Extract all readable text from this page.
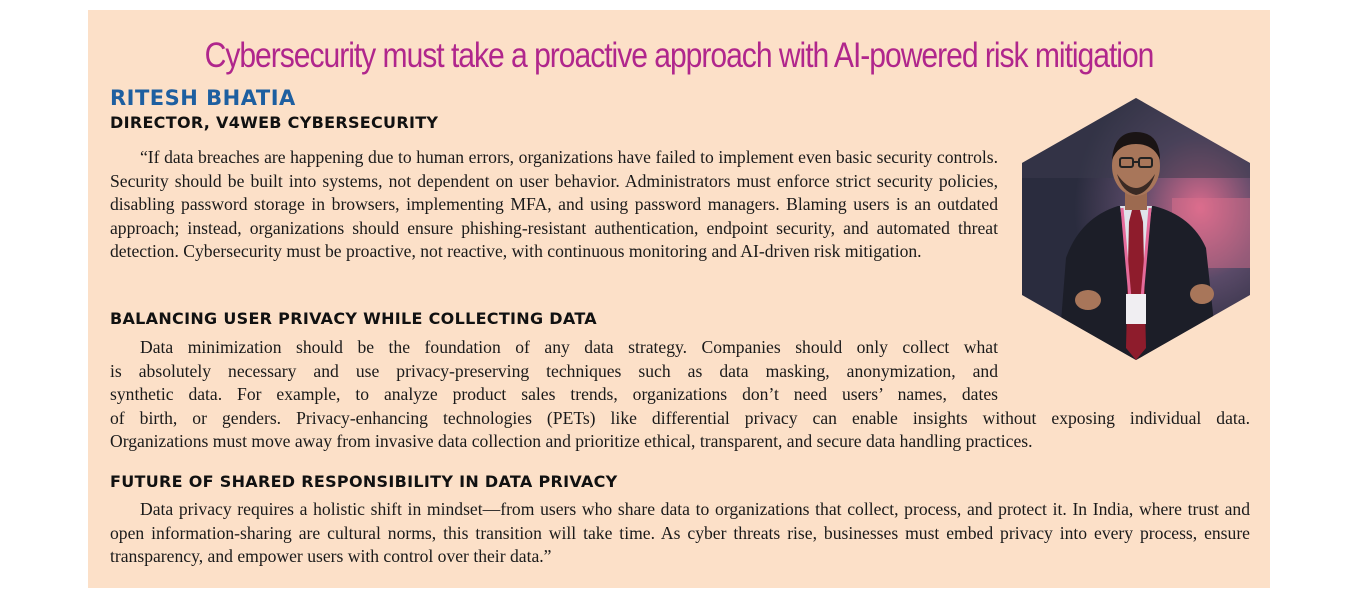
Cybersecurity must take a proactive approach with AI-powered risk mitigation
RITESH BHATIA
DIRECTOR, V4WEB CYBERSECURITY

“If data breaches are happening due to human errors, organizations have failed to implement even basic security controls. Security should be built into systems, not dependent on user behavior. Administrators must enforce strict security policies, disabling password storage in browsers, implementing MFA, and using password managers. Blaming users is an outdated approach; instead, organizations should ensure phishing-resistant authentication, endpoint security, and automated threat detection. Cybersecurity must be proactive, not reactive, with continuous monitoring and AI-driven risk mitigation.

BALANCING USER PRIVACY WHILE COLLECTING DATA
Data minimization should be the foundation of any data strategy. Companies should only collect what
is absolutely necessary and use privacy-preserving techniques such as data masking, anonymization, and
synthetic data. For example, to analyze product sales trends, organizations don’t need users’ names, dates
of birth, or genders. Privacy-enhancing technologies (PETs) like differential privacy can enable insights without exposing individual data.
Organizations must move away from invasive data collection and prioritize ethical, transparent, and secure data handling practices.
FUTURE OF SHARED RESPONSIBILITY IN DATA PRIVACY

Data privacy requires a holistic shift in mindset—from users who share data to organizations that collect, process, and protect it. In India, where trust and open information-sharing are cultural norms, this transition will take time. As cyber threats rise, businesses must embed privacy into every process, ensure transparency, and empower users with control over their data.”
